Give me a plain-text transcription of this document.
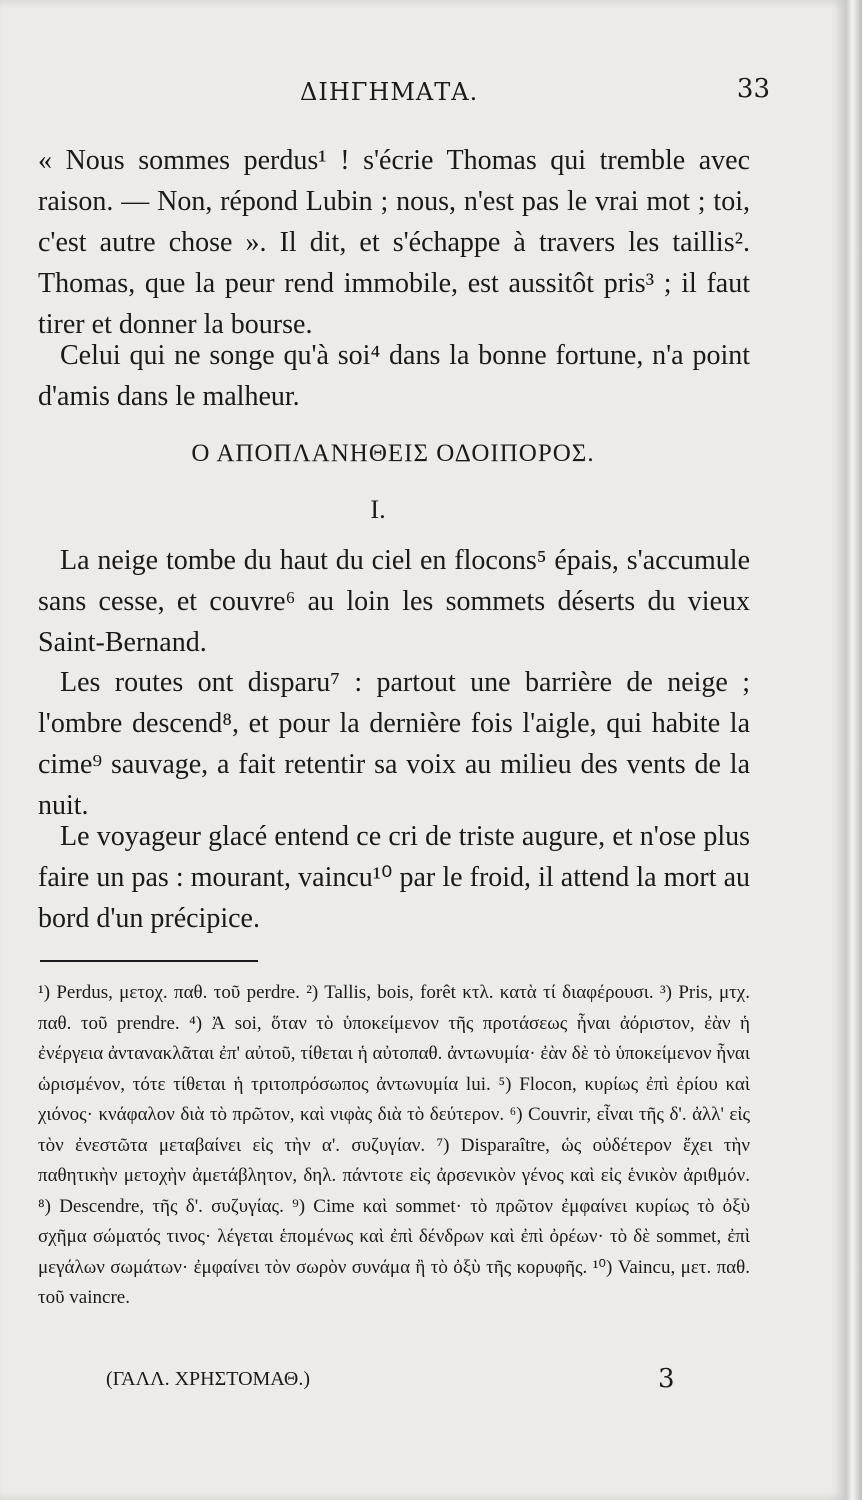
ΔΙΗΓΗΜΑΤΑ.	33

« Nous sommes perdus¹ ! s'écrie Thomas qui tremble avec raison. — Non, répond Lubin ; nous, n'est pas le vrai mot ; toi, c'est autre chose ». Il dit, et s'échappe à travers les taillis². Thomas, que la peur rend immobile, est aussitôt pris³ ; il faut tirer et donner la bourse.

Celui qui ne songe qu'à soi⁴ dans la bonne fortune, n'a point d'amis dans le malheur.

Ο ΑΠΟΠΛΑΝΗΘΕΙΣ ΟΔΟΙΠΟΡΟΣ.
I.

La neige tombe du haut du ciel en flocons⁵ épais, s'accumule sans cesse, et couvre⁶ au loin les sommets déserts du vieux Saint-Bernand.

Les routes ont disparu⁷ : partout une barrière de neige ; l'ombre descend⁸, et pour la dernière fois l'aigle, qui habite la cime⁹ sauvage, a fait retentir sa voix au milieu des vents de la nuit.

Le voyageur glacé entend ce cri de triste augure, et n'ose plus faire un pas : mourant, vaincu¹⁰ par le froid, il attend la mort au bord d'un précipice.

¹) Perdus, μετοχ. παθ. τοῦ perdre. ²) Tallis, bois, forêt κτλ. κατὰ τί διαφέρουσι. ³) Pris, μτχ. παθ. τοῦ prendre. ⁴) Ἀ soi, ὅταν τὸ ὑποκείμενον τῆς προτάσεως ἦναι ἀόριστον, ἐὰν ἡ ἐνέργεια ἀντανακλᾶται ἐπ' αὐτοῦ, τίθεται ἡ αὐτοπαθ. ἀντωνυμία· ἐὰν δὲ τὸ ὑποκείμενον ἦναι ὡρισμένον, τότε τίθεται ἡ τριτοπρόσωπος ἀντωνυμία lui. ⁵) Flocon, κυρίως ἐπὶ ἐρίου καὶ χιόνος· κνάφαλον διὰ τὸ πρῶτον, καὶ νιφὰς διὰ τὸ δεύτερον. ⁶) Couvrir, εἶναι τῆς δ'. ἀλλ' εἰς τὸν ἐνεστῶτα μεταβαίνει εἰς τὴν α'. συζυγίαν. ⁷) Disparaître, ὡς οὐδέτερον ἔχει τὴν παθητικὴν μετοχὴν ἀμετάβλητον, δηλ. πάντοτε εἰς ἀρσενικὸν γένος καὶ εἰς ἑνικὸν ἀριθμόν. ⁸) Descendre, τῆς δ'. συζυγίας. ⁹) Cime καὶ sommet· τὸ πρῶτον ἐμφαίνει κυρίως τὸ ὀξὺ σχῆμα σώματός τινος· λέγεται ἑπομένως καὶ ἐπὶ δένδρων καὶ ἐπὶ ὀρέων· τὸ δὲ sommet, ἐπὶ μεγάλων σωμάτων· ἐμφαίνει τὸν σωρὸν συνάμα ἢ τὸ ὀξὺ τῆς κορυφῆς. ¹⁰) Vaincu, μετ. παθ. τοῦ vaincre.

(ΓΑΛΛ. ΧΡΗΣΤΟΜΑΘ.)	3
